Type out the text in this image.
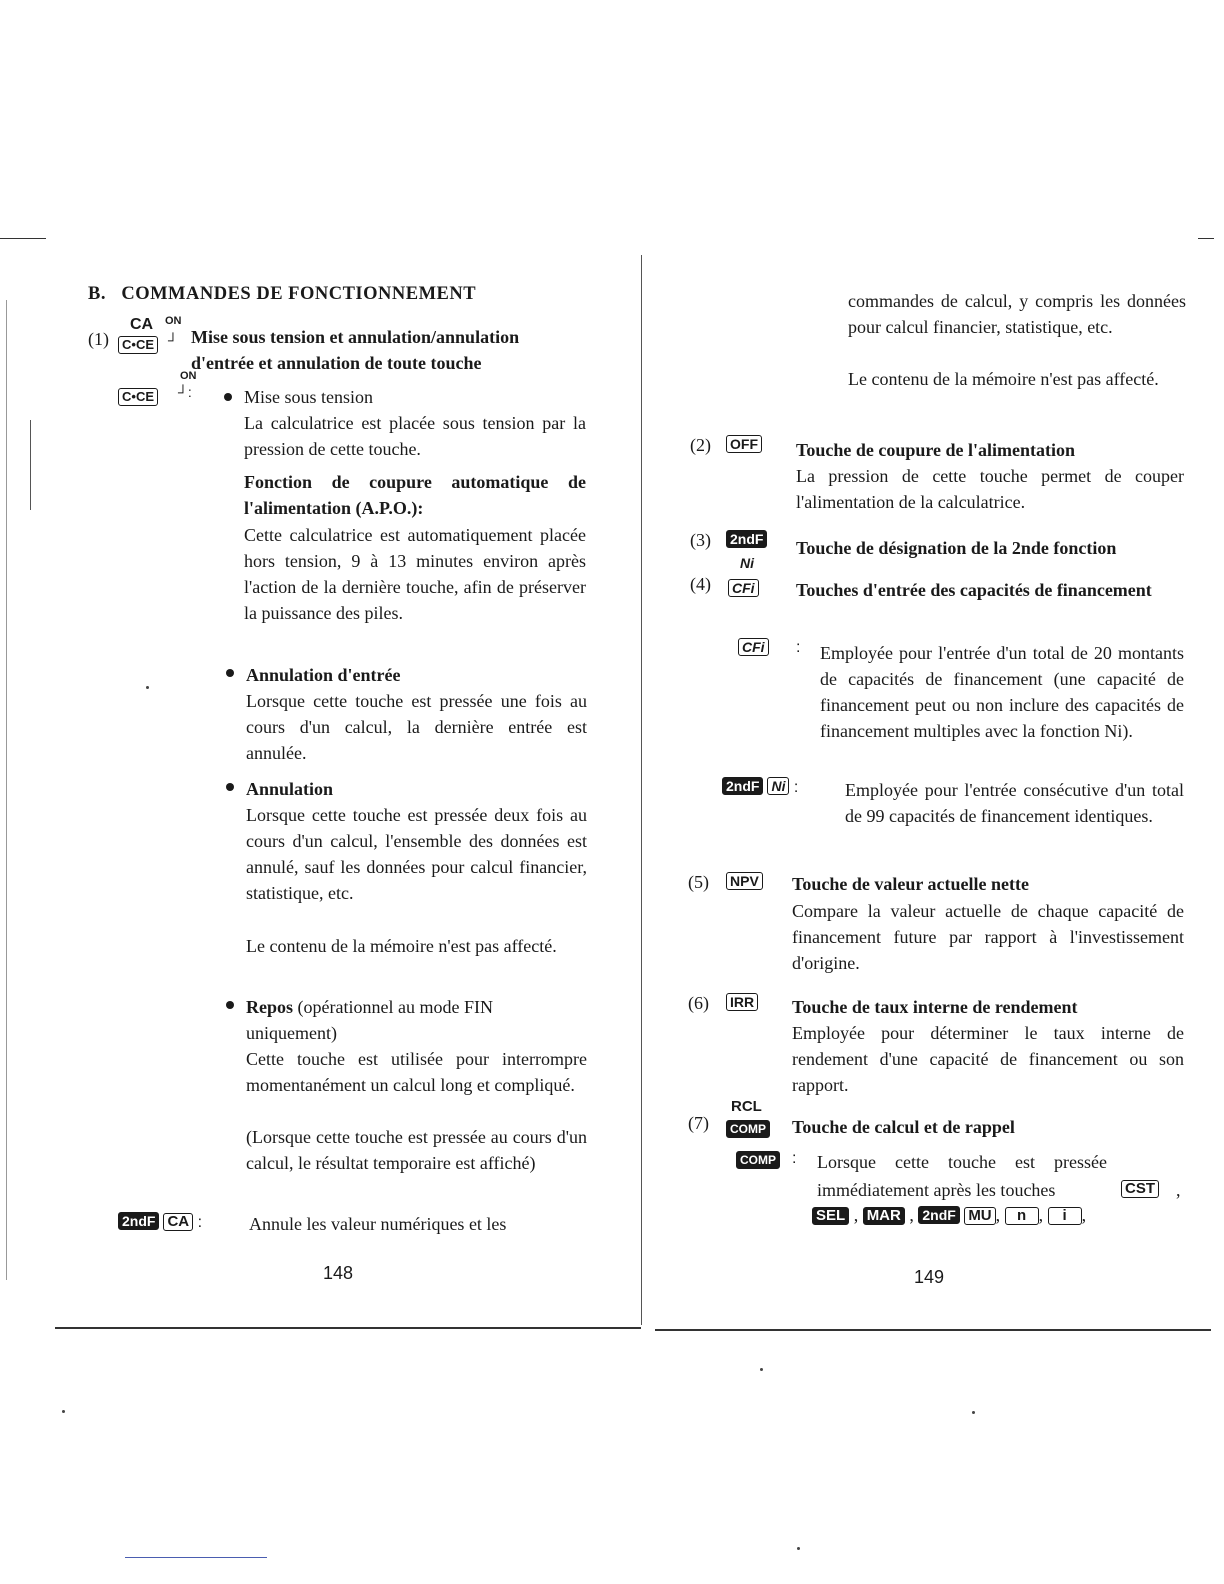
B.   COMMANDES DE FONCTIONNEMENT
(1)
CA ON
C•CE ┘ Mise sous tension et annulation/annulation
d'entrée et annulation de toute touche
ON
C•CE ┘:	Mise sous tension
La calculatrice est placée sous tension par la pression de cette touche.
Fonction de coupure automatique de l'alimentation (A.P.O.):
Cette calculatrice est automatiquement placée hors tension, 9 à 13 minutes environ après l'action de la dernière touche, afin de préserver la puissance des piles.
Annulation d'entrée
Lorsque cette touche est pressée une fois au cours d'un calcul, la dernière entrée est annulée.
Annulation
Lorsque cette touche est pressée deux fois au cours d'un calcul, l'ensemble des données est annulé, sauf les données pour calcul financier, statistique, etc.
Le contenu de la mémoire n'est pas affecté.
Repos (opérationnel au mode FIN uniquement)
Cette touche est utilisée pour interrompre momentanément un calcul long et compliqué.
(Lorsque cette touche est pressée au cours d'un calcul, le résultat temporaire est affiché)
2ndF CA :	Annule les valeur numériques et les
148
commandes de calcul, y compris les données pour calcul financier, statistique, etc.
Le contenu de la mémoire n'est pas affecté.
(2) OFF Touche de coupure de l'alimentation
La pression de cette touche permet de couper l'alimentation de la calculatrice.
(3) 2ndF Touche de désignation de la 2nde fonction
Ni
(4) CFi Touches d'entrée des capacités de financement
CFi : Employée pour l'entrée d'un total de 20 montants de capacités de financement (une capacité de financement peut ou non inclure des capacités de financement multiples avec la fonction Ni).
2ndF Ni :	Employée pour l'entrée consécutive d'un total de 99 capacités de financement identiques.
(5) NPV Touche de valeur actuelle nette
Compare la valeur actuelle de chaque capacité de financement future par rapport à l'investissement d'origine.
(6) IRR Touche de taux interne de rendement
Employée pour déterminer le taux interne de rendement d'une capacité de financement ou son rapport.
RCL
(7)	COMP Touche de calcul et de rappel
COMP : Lorsque cette touche est pressée immédiatement après les touches	CST ,
SEL , MAR , 2ndF MU , n , i ,
149
